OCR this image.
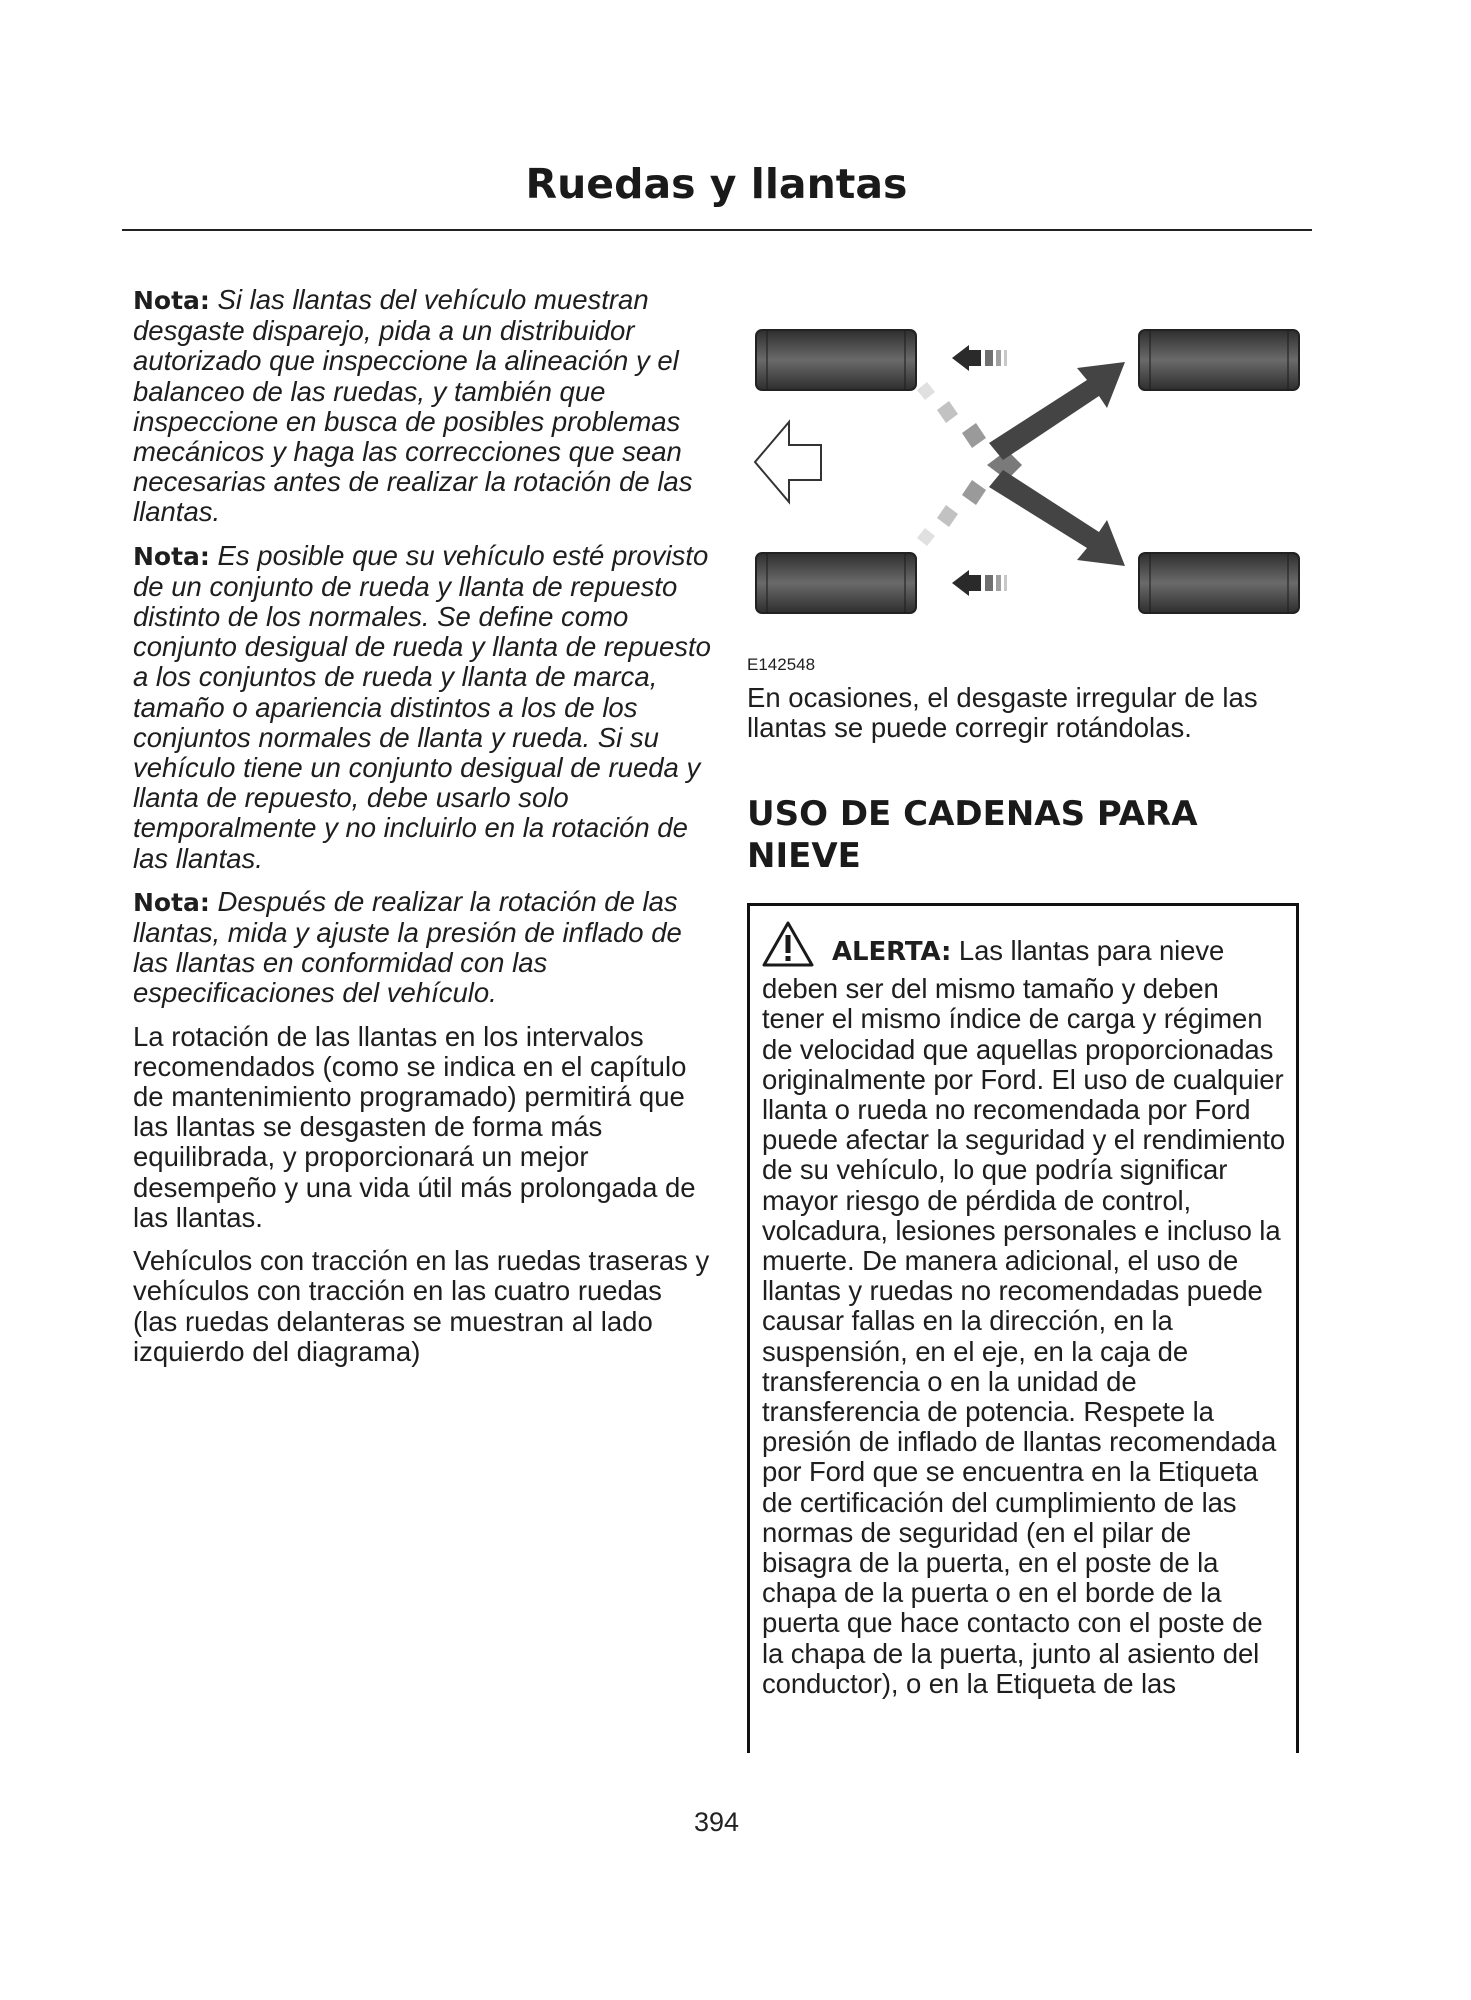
Ruedas y llantas

Nota: Si las llantas del vehículo muestran desgaste disparejo, pida a un distribuidor autorizado que inspeccione la alineación y el balanceo de las ruedas, y también que inspeccione en busca de posibles problemas mecánicos y haga las correcciones que sean necesarias antes de realizar la rotación de las llantas.

Nota: Es posible que su vehículo esté provisto de un conjunto de rueda y llanta de repuesto distinto de los normales. Se define como conjunto desigual de rueda y llanta de repuesto a los conjuntos de rueda y llanta de marca, tamaño o apariencia distintos a los de los conjuntos normales de llanta y rueda. Si su vehículo tiene un conjunto desigual de rueda y llanta de repuesto, debe usarlo solo temporalmente y no incluirlo en la rotación de las llantas.

Nota: Después de realizar la rotación de las llantas, mida y ajuste la presión de inflado de las llantas en conformidad con las especificaciones del vehículo.

La rotación de las llantas en los intervalos recomendados (como se indica en el capítulo de mantenimiento programado) permitirá que las llantas se desgasten de forma más equilibrada, y proporcionará un mejor desempeño y una vida útil más prolongada de las llantas.

Vehículos con tracción en las ruedas traseras y vehículos con tracción en las cuatro ruedas (las ruedas delanteras se muestran al lado izquierdo del diagrama)

E142548
En ocasiones, el desgaste irregular de las llantas se puede corregir rotándolas.
USO DE CADENAS PARA NIEVE
ALERTA: Las llantas para nieve deben ser del mismo tamaño y deben tener el mismo índice de carga y régimen de velocidad que aquellas proporcionadas originalmente por Ford. El uso de cualquier llanta o rueda no recomendada por Ford puede afectar la seguridad y el rendimiento de su vehículo, lo que podría significar mayor riesgo de pérdida de control, volcadura, lesiones personales e incluso la muerte. De manera adicional, el uso de llantas y ruedas no recomendadas puede causar fallas en la dirección, en la suspensión, en el eje, en la caja de transferencia o en la unidad de transferencia de potencia. Respete la presión de inflado de llantas recomendada por Ford que se encuentra en la Etiqueta de certificación del cumplimiento de las normas de seguridad (en el pilar de bisagra de la puerta, en el poste de la chapa de la puerta o en el borde de la puerta que hace contacto con el poste de la chapa de la puerta, junto al asiento del conductor), o en la Etiqueta de las
394
